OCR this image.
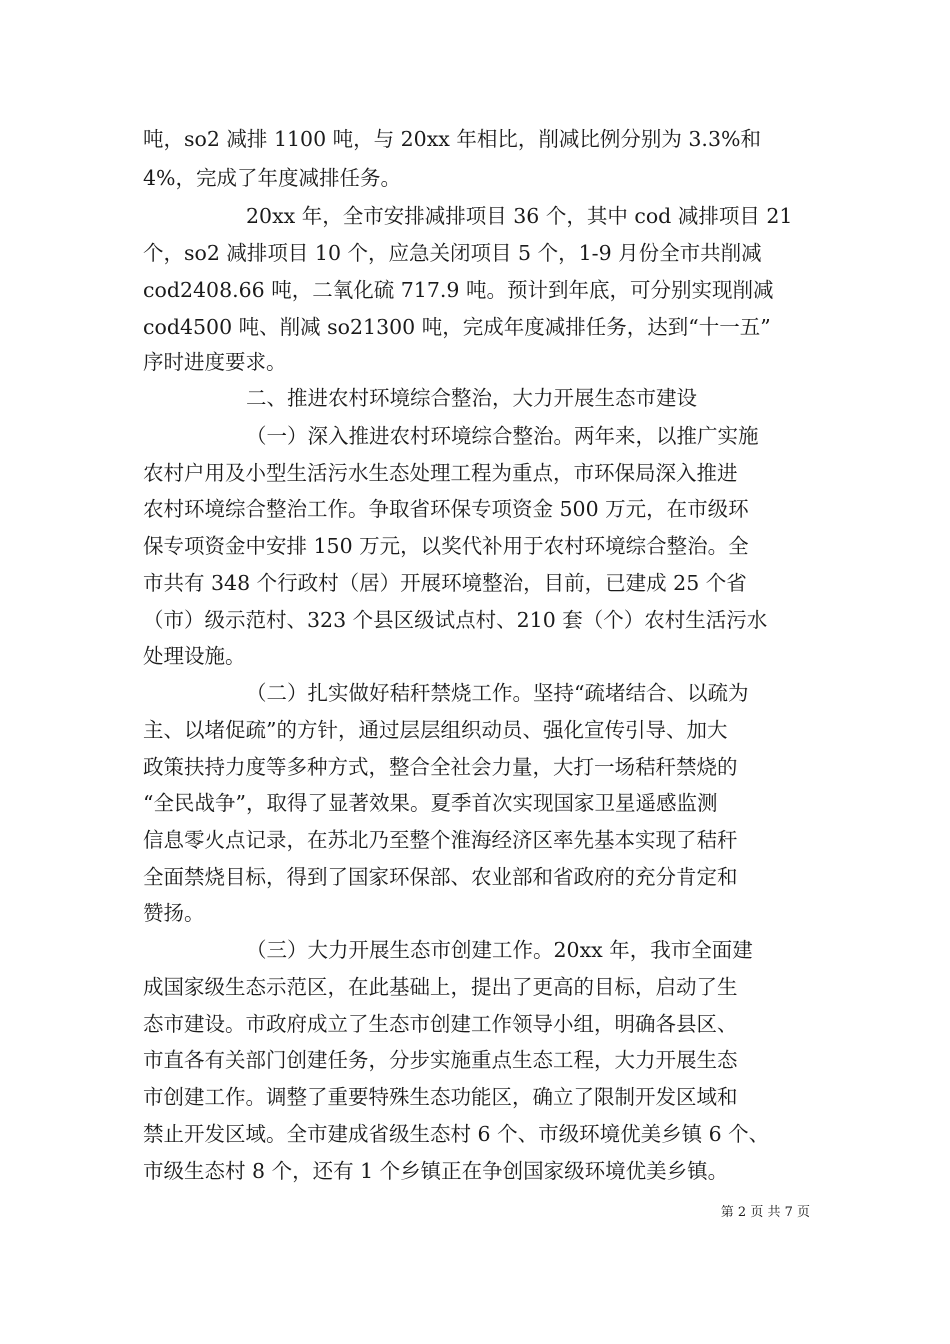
吨，so2 减排 1100 吨，与 20xx 年相比，削减比例分别为 3.3%和
4%，完成了年度减排任务。
20xx 年，全市安排减排项目 36 个，其中 cod 减排项目 21
个，so2 减排项目 10 个，应急关闭项目 5 个，1-9 月份全市共削减
cod2408.66 吨，二氧化硫 717.9 吨。预计到年底，可分别实现削减
cod4500 吨、削减 so21300 吨，完成年度减排任务，达到“十一五”
序时进度要求。
二、推进农村环境综合整治，大力开展生态市建设
（一）深入推进农村环境综合整治。两年来，以推广实施
农村户用及小型生活污水生态处理工程为重点，市环保局深入推进
农村环境综合整治工作。争取省环保专项资金 500 万元，在市级环
保专项资金中安排 150 万元，以奖代补用于农村环境综合整治。全
市共有 348 个行政村（居）开展环境整治，目前，已建成 25 个省
（市）级示范村、323 个县区级试点村、210 套（个）农村生活污水
处理设施。
（二）扎实做好秸秆禁烧工作。坚持“疏堵结合、以疏为
主、以堵促疏”的方针，通过层层组织动员、强化宣传引导、加大
政策扶持力度等多种方式，整合全社会力量，大打一场秸秆禁烧的
“全民战争”，取得了显著效果。夏季首次实现国家卫星遥感监测
信息零火点记录，在苏北乃至整个淮海经济区率先基本实现了秸秆
全面禁烧目标，得到了国家环保部、农业部和省政府的充分肯定和
赞扬。
（三）大力开展生态市创建工作。20xx 年，我市全面建
成国家级生态示范区，在此基础上，提出了更高的目标，启动了生
态市建设。市政府成立了生态市创建工作领导小组，明确各县区、
市直各有关部门创建任务，分步实施重点生态工程，大力开展生态
市创建工作。调整了重要特殊生态功能区，确立了限制开发区域和
禁止开发区域。全市建成省级生态村 6 个、市级环境优美乡镇 6 个、
市级生态村 8 个，还有 1 个乡镇正在争创国家级环境优美乡镇。
第 2 页 共 7 页
